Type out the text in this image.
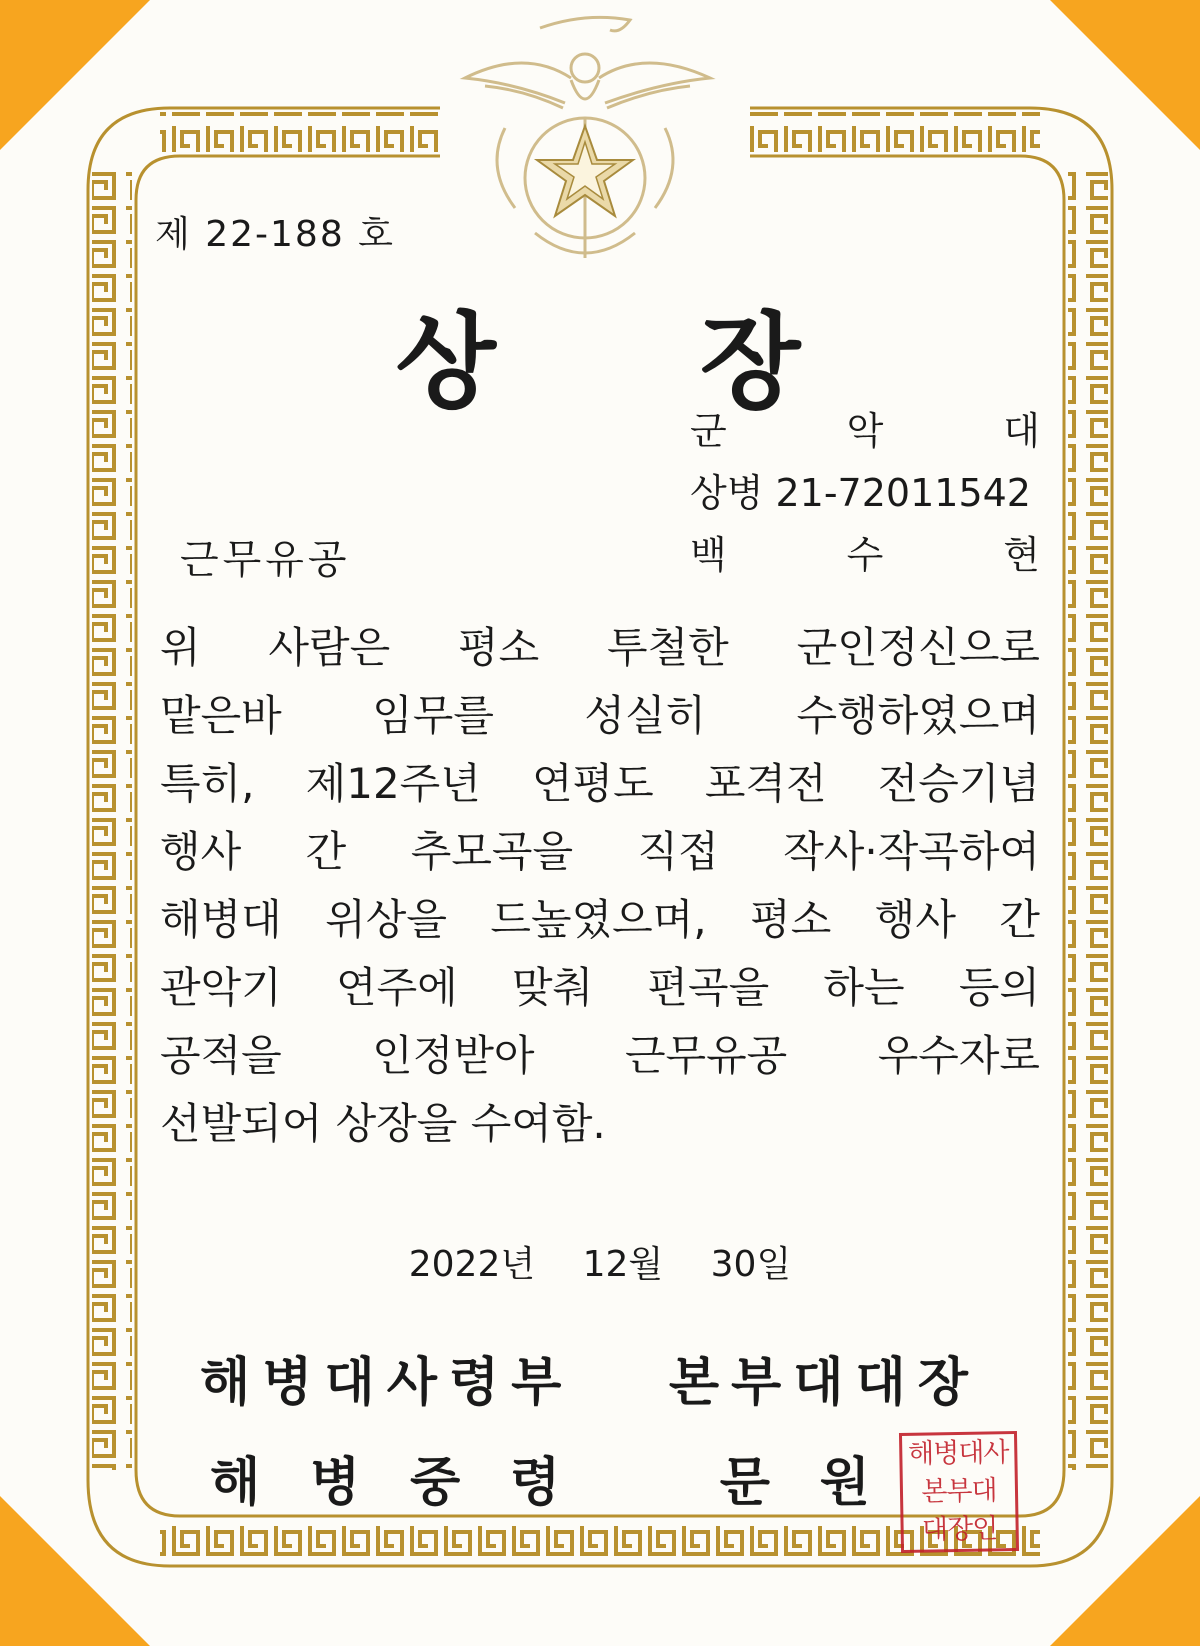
제 22-188 호
상 장
군	악	대
상병 21-72011542
백	수	현
근무유공
위 사람은 평소 투철한 군인정신으로
맡은바 임무를 성실히 수행하였으며
특히, 제12주년 연평도 포격전 전승기념
행사 간 추모곡을 직접 작사·작곡하여
해병대 위상을 드높였으며, 평소 행사 간
관악기 연주에 맞춰 편곡을 하는 등의
공적을 인정받아 근무유공 우수자로
선발되어 상장을 수여함.
2022년 12월 30일
해병대사령부 본부대대장
해 병 중 령	문 원 해병대사
본부대
대장인
